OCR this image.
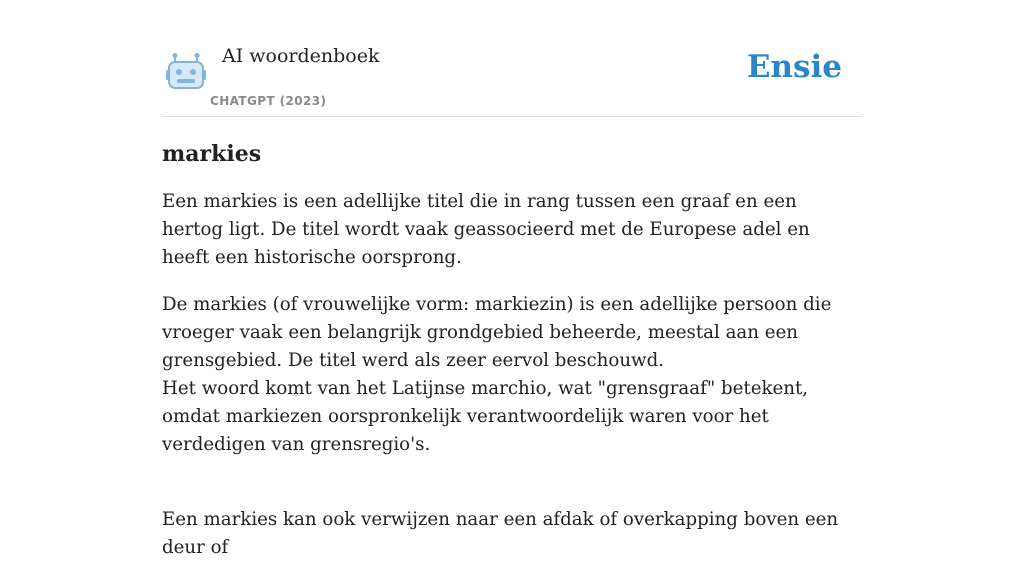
AI woordenboek
CHATGPT (2023)
Ensie
markies

Een markies is een adellijke titel die in rang tussen een graaf en een hertog ligt. De titel wordt vaak geassocieerd met de Europese adel en heeft een historische oorsprong.

De markies (of vrouwelijke vorm: markiezin) is een adellijke persoon die vroeger vaak een belangrijk grondgebied beheerde, meestal aan een grensgebied. De titel werd als zeer eervol beschouwd.

Het woord komt van het Latijnse marchio, wat "grensgraaf" betekent, omdat markiezen oorspronkelijk verantwoordelijk waren voor het verdedigen van grensregio's.

Een markies kan ook verwijzen naar een afdak of overkapping boven een deur of
